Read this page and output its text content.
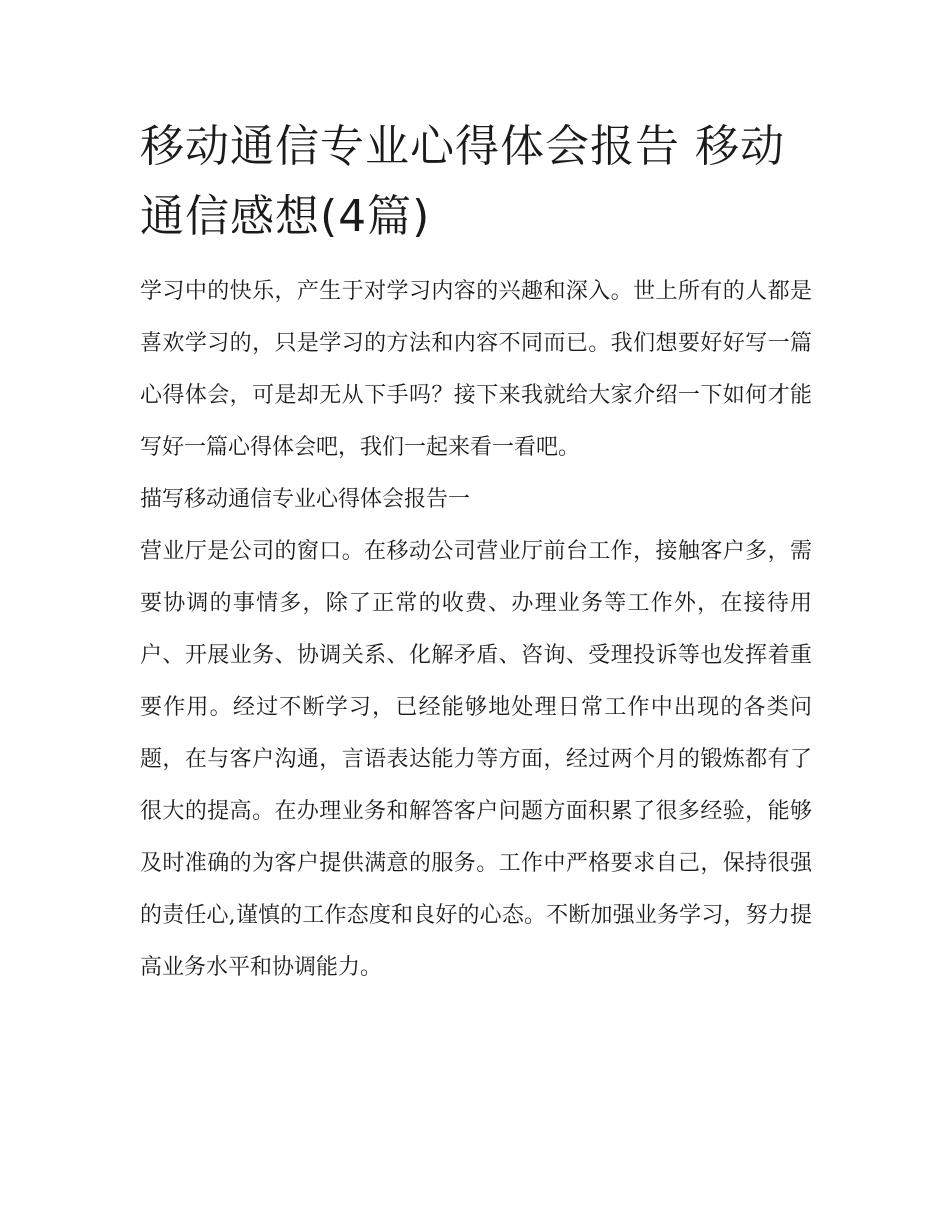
移动通信专业心得体会报告 移动通信感想(4篇)

学习中的快乐，产生于对学习内容的兴趣和深入。世上所有的人都是喜欢学习的，只是学习的方法和内容不同而已。我们想要好好写一篇心得体会，可是却无从下手吗？接下来我就给大家介绍一下如何才能写好一篇心得体会吧，我们一起来看一看吧。

描写移动通信专业心得体会报告一

营业厅是公司的窗口。在移动公司营业厅前台工作，接触客户多，需要协调的事情多，除了正常的收费、办理业务等工作外，在接待用户、开展业务、协调关系、化解矛盾、咨询、受理投诉等也发挥着重要作用。经过不断学习，已经能够地处理日常工作中出现的各类问题，在与客户沟通，言语表达能力等方面，经过两个月的锻炼都有了很大的提高。在办理业务和解答客户问题方面积累了很多经验，能够及时准确的为客户提供满意的服务。工作中严格要求自己，保持很强的责任心,谨慎的工作态度和良好的心态。不断加强业务学习，努力提高业务水平和协调能力。
